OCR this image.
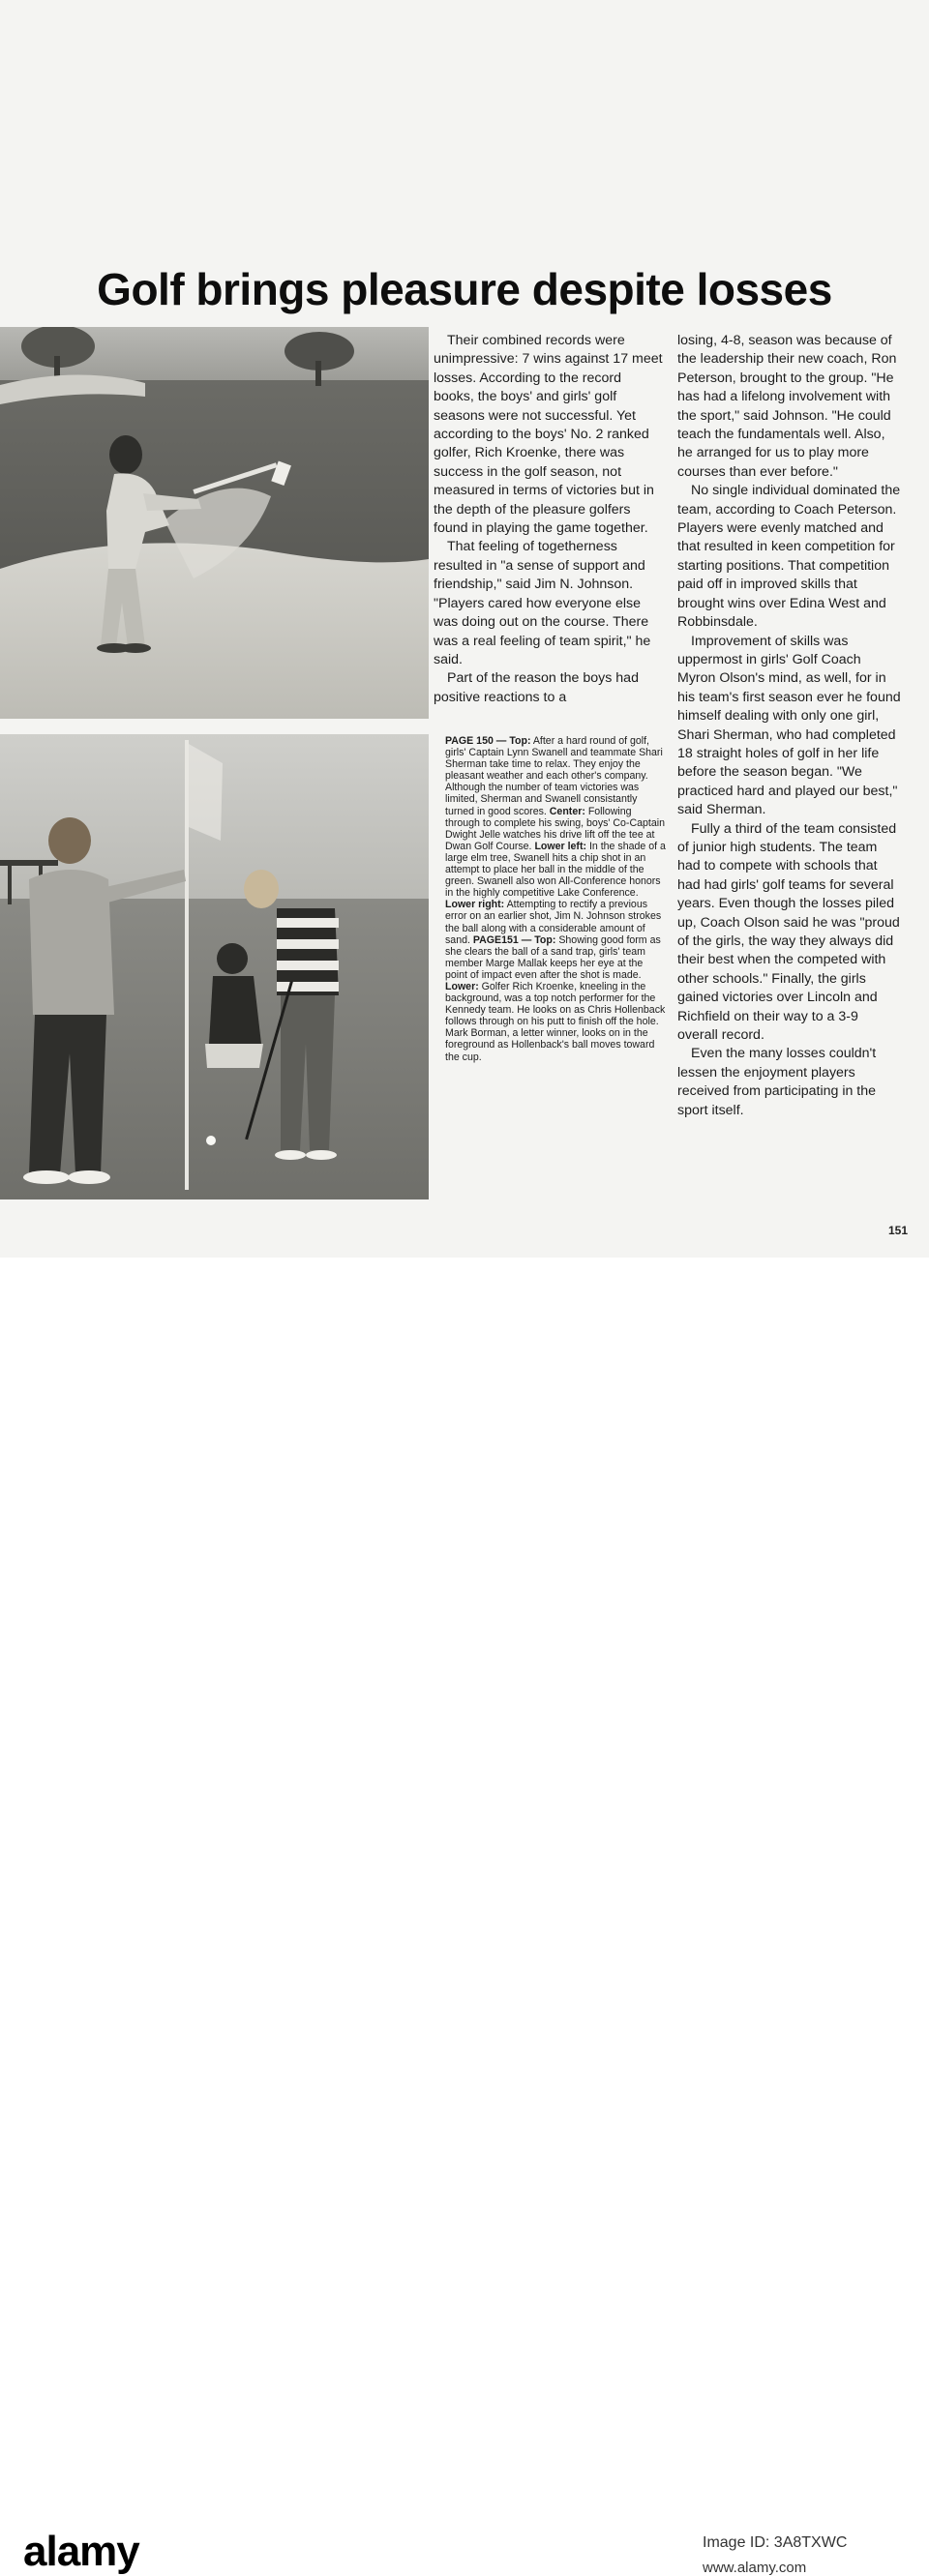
Golf brings pleasure despite losses

Their combined records were unimpressive: 7 wins against 17 meet losses. According to the record books, the boys' and girls' golf seasons were not successful. Yet according to the boys' No. 2 ranked golfer, Rich Kroenke, there was success in the golf season, not measured in terms of victories but in the depth of the pleasure golfers found in playing the game together.

That feeling of togetherness resulted in "a sense of support and friendship," said Jim N. Johnson. "Players cared how everyone else was doing out on the course. There was a real feeling of team spirit," he said.

Part of the reason the boys had positive reactions to a

losing, 4-8, season was because of the leadership their new coach, Ron Peterson, brought to the group. "He has had a lifelong involvement with the sport," said Johnson. "He could teach the fundamentals well. Also, he arranged for us to play more courses than ever before."

No single individual dominated the team, according to Coach Peterson. Players were evenly matched and that resulted in keen competition for starting positions. That competition paid off in improved skills that brought wins over Edina West and Robbinsdale.

Improvement of skills was uppermost in girls' Golf Coach Myron Olson's mind, as well, for in his team's first season ever he found himself dealing with only one girl, Shari Sherman, who had completed 18 straight holes of golf in her life before the season began. "We practiced hard and played our best," said Sherman.

Fully a third of the team consisted of junior high students. The team had to compete with schools that had had girls' golf teams for several years. Even though the losses piled up, Coach Olson said he was "proud of the girls, the way they always did their best when the competed with other schools." Finally, the girls gained victories over Lincoln and Richfield on their way to a 3-9 overall record.

Even the many losses couldn't lessen the enjoyment players received from participating in the sport itself.

PAGE 150 — Top: After a hard round of golf, girls' Captain Lynn Swanell and teammate Shari Sherman take time to relax. They enjoy the pleasant weather and each other's company. Although the number of team victories was limited, Sherman and Swanell consistantly turned in good scores. Center: Following through to complete his swing, boys' Co-Captain Dwight Jelle watches his drive lift off the tee at Dwan Golf Course. Lower left: In the shade of a large elm tree, Swanell hits a chip shot in an attempt to place her ball in the middle of the green. Swanell also won All-Conference honors in the highly competitive Lake Conference. Lower right: Attempting to rectify a previous error on an earlier shot, Jim N. Johnson strokes the ball along with a considerable amount of sand. PAGE151 — Top: Showing good form as she clears the ball of a sand trap, girls' team member Marge Mallak keeps her eye at the point of impact even after the shot is made. Lower: Golfer Rich Kroenke, kneeling in the background, was a top notch performer for the Kennedy team. He looks on as Chris Hollenback follows through on his putt to finish off the hole. Mark Borman, a letter winner, looks on in the foreground as Hollenback's ball moves toward the cup.
151
alamy	Image ID: 3A8TXWC
www.alamy.com
